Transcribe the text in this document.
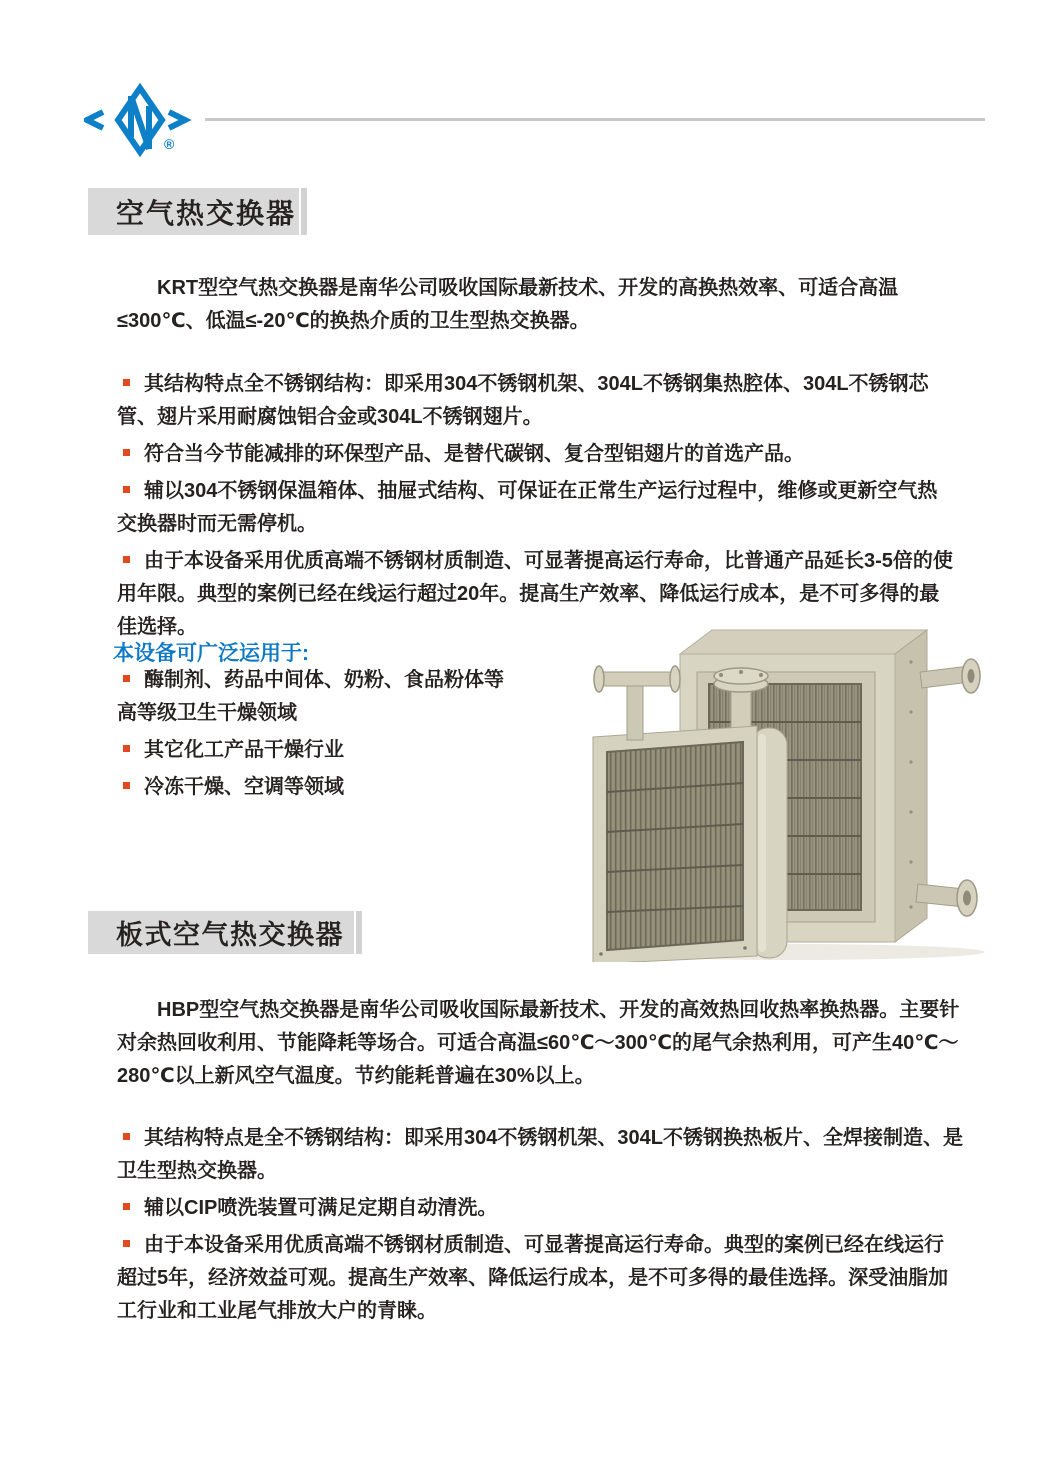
®
空气热交换器

KRT型空气热交换器是南华公司吸收国际最新技术、开发的高换热效率、可适合高温≤300℃、低温≤-20℃的换热介质的卫生型热交换器。

其结构特点全不锈钢结构：即采用304不锈钢机架、304L不锈钢集热腔体、304L不锈钢芯管、翅片采用耐腐蚀铝合金或304L不锈钢翅片。
符合当今节能减排的环保型产品、是替代碳钢、复合型铝翅片的首选产品。
辅以304不锈钢保温箱体、抽屉式结构、可保证在正常生产运行过程中，维修或更新空气热交换器时而无需停机。
由于本设备采用优质高端不锈钢材质制造、可显著提高运行寿命，比普通产品延长3-5倍的使用年限。典型的案例已经在线运行超过20年。提高生产效率、降低运行成本，是不可多得的最佳选择。

本设备可广泛运用于:

酶制剂、药品中间体、奶粉、食品粉体等高等级卫生干燥领域
其它化工产品干燥行业
冷冻干燥、空调等领域
板式空气热交换器

HBP型空气热交换器是南华公司吸收国际最新技术、开发的高效热回收热率换热器。主要针对余热回收利用、节能降耗等场合。可适合高温≤60℃～300℃的尾气余热利用，可产生40℃～280℃以上新风空气温度。节约能耗普遍在30%以上。

其结构特点是全不锈钢结构：即采用304不锈钢机架、304L不锈钢换热板片、全焊接制造、是卫生型热交换器。
辅以CIP喷洗装置可满足定期自动清洗。
由于本设备采用优质高端不锈钢材质制造、可显著提高运行寿命。典型的案例已经在线运行超过5年，经济效益可观。提高生产效率、降低运行成本，是不可多得的最佳选择。深受油脂加工行业和工业尾气排放大户的青睐。
